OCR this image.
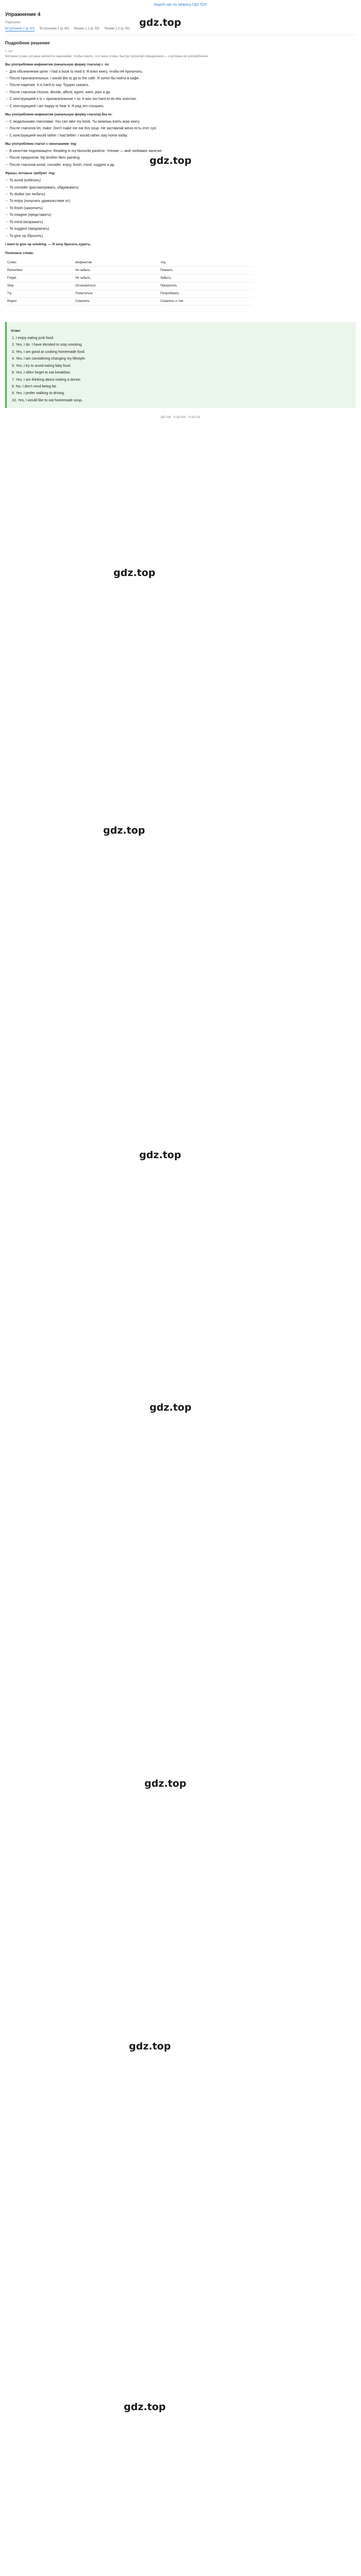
gdz.top
gdz.top
gdz.top
gdz.top
gdz.top
gdz.top
gdz.top
gdz.top
gdz.top
Ищите нас по запросу ГДЗ ТОП
Упражнение 4
Подсказки:
Вступление 1 (p. 60) Вступление 2 (p. 60) Reader 1.1 (p. 50) Reader 2.2 (p. 50)
Подробное решение
1 шаг
Вспомни слова, которые являются наречиями. Чтобы понять, что такое слова, быстро прочитай определения — и вспомни их употребление.
Вы употребляем инфинитив (начальную форму глагола) с -to:
• Для обозначения цели: I had a book to read it. Я взял книгу, чтобы её прочитать.
• После прилагательных: I would like to go to the café. Я хотел бы пойти в кафе.
• После наречия: It is hard to say. Трудно сказать.
• После глаголов choose, decide, afford, agree, want, plan и др.
• С конструкцией it is + прилагательное + to: It was too hard to do this exercise.
• С конструкцией I am happy to hear it. Я рад это слышать.
Мы употребляем инфинитив (начальную форму глагола) без to:
• С модальными глаголами: You can take my book. Ты можешь взять мою книгу.
• После глаголов let, make: Don't make me eat this soup. Не заставляй меня есть этот суп.
• С конструкцией would rather / had better: I would rather stay home today.
Мы употребляем глагол с окончанием -ing:
• В качестве подлежащего: Reading is my favourite pastime. Чтение — моё любимое занятие.
• После предлогов: My brother likes painting.
• После глаголов avoid, consider, enjoy, finish, mind, suggest и др.
Фразы, которые требуют -ing:
• To avoid (избегать)
• To consider (рассматривать, обдумывать)
• To dislike (не любить)
• To enjoy (получать удовольствие от)
• To finish (закончить)
• To imagine (представить)
• To mind (возражать)
• To suggest (предлагать)
• To give up (бросить)
I want to give up smoking. — Я хочу бросить курить.
Полезные слова:
Слово	Инфинитив	-ing
Remember	Не забыть	Помнить
Forget	Не забыть	Забыть
Stop	Остановиться	Прекратить
Try	Попытаться	Попробовать
Regret	Сожалеть	Сожалеть о том
Ответ
1. I enjoy eating junk food.
2. Yes, I do. I have decided to stop smoking.
3. Yes, I am good at cooking homemade food.
4. Yes, I am considering changing my lifestyle.
5. Yes, I try to avoid eating fatty food.
6. Yes, I often forget to eat breakfast.
7. Yes, I am thinking about visiting a doctor.
8. No, I don't mind being fat.
9. Yes, I prefer walking to driving.
10. Yes, I would like to eat homemade soup.
gdz.top · 4 гдз top · 4 гдз top
